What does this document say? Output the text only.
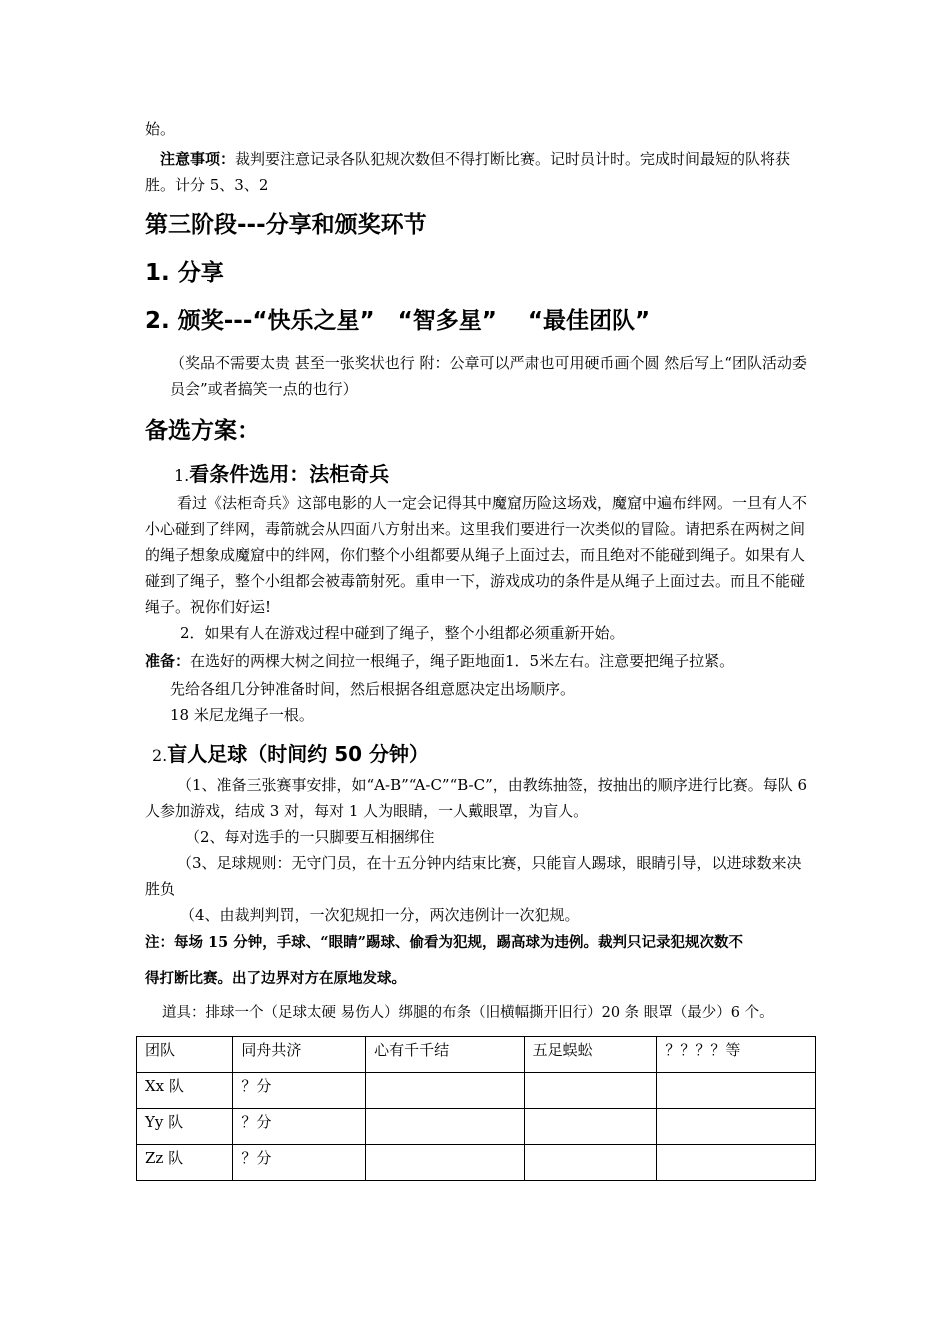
始。

注意事项：裁判要注意记录各队犯规次数但不得打断比赛。记时员计时。完成时间最短的队将获胜。计分 5、3、2

第三阶段---分享和颁奖环节
1. 分享
2. 颁奖---“快乐之星”　“智多星”　 “最佳团队”

（奖品不需要太贵 甚至一张奖状也行 附：公章可以严肃也可用硬币画个圆 然后写上“团队活动委员会”或者搞笑一点的也行）

备选方案：
1.看条件选用：法柜奇兵

看过《法柜奇兵》这部电影的人一定会记得其中魔窟历险这场戏，魔窟中遍布绊网。一旦有人不小心碰到了绊网，毒箭就会从四面八方射出来。这里我们要进行一次类似的冒险。请把系在两树之间的绳子想象成魔窟中的绊网，你们整个小组都要从绳子上面过去，而且绝对不能碰到绳子。如果有人碰到了绳子，整个小组都会被毒箭射死。重申一下，游戏成功的条件是从绳子上面过去。而且不能碰绳子。祝你们好运!

2．如果有人在游戏过程中碰到了绳子，整个小组都必须重新开始。

准备：在选好的两棵大树之间拉一根绳子，绳子距地面1．5米左右。注意要把绳子拉紧。

先给各组几分钟准备时间，然后根据各组意愿决定出场顺序。

18 米尼龙绳子一根。

2.盲人足球（时间约 50 分钟）

（1、准备三张赛事安排，如“A-B”“A-C”“B-C”，由教练抽签，按抽出的顺序进行比赛。每队 6 人参加游戏，结成 3 对，每对 1 人为眼睛，一人戴眼罩，为盲人。

（2、每对选手的一只脚要互相捆绑住

（3、足球规则：无守门员，在十五分钟内结束比赛，只能盲人踢球，眼睛引导，以进球数来决胜负

（4、由裁判判罚，一次犯规扣一分，两次违例计一次犯规。

注：每场 15 分钟，手球、“眼睛”踢球、偷看为犯规，踢高球为违例。裁判只记录犯规次数不

得打断比赛。出了边界对方在原地发球。

道具：排球一个（足球太硬 易伤人）绑腿的布条（旧横幅撕开旧行）20 条 眼罩（最少）6 个。

团队	同舟共济	心有千千结	五足蜈蚣	？？？？等
Xx 队	？分			
Yy 队	？分			
Zz 队	？分			
